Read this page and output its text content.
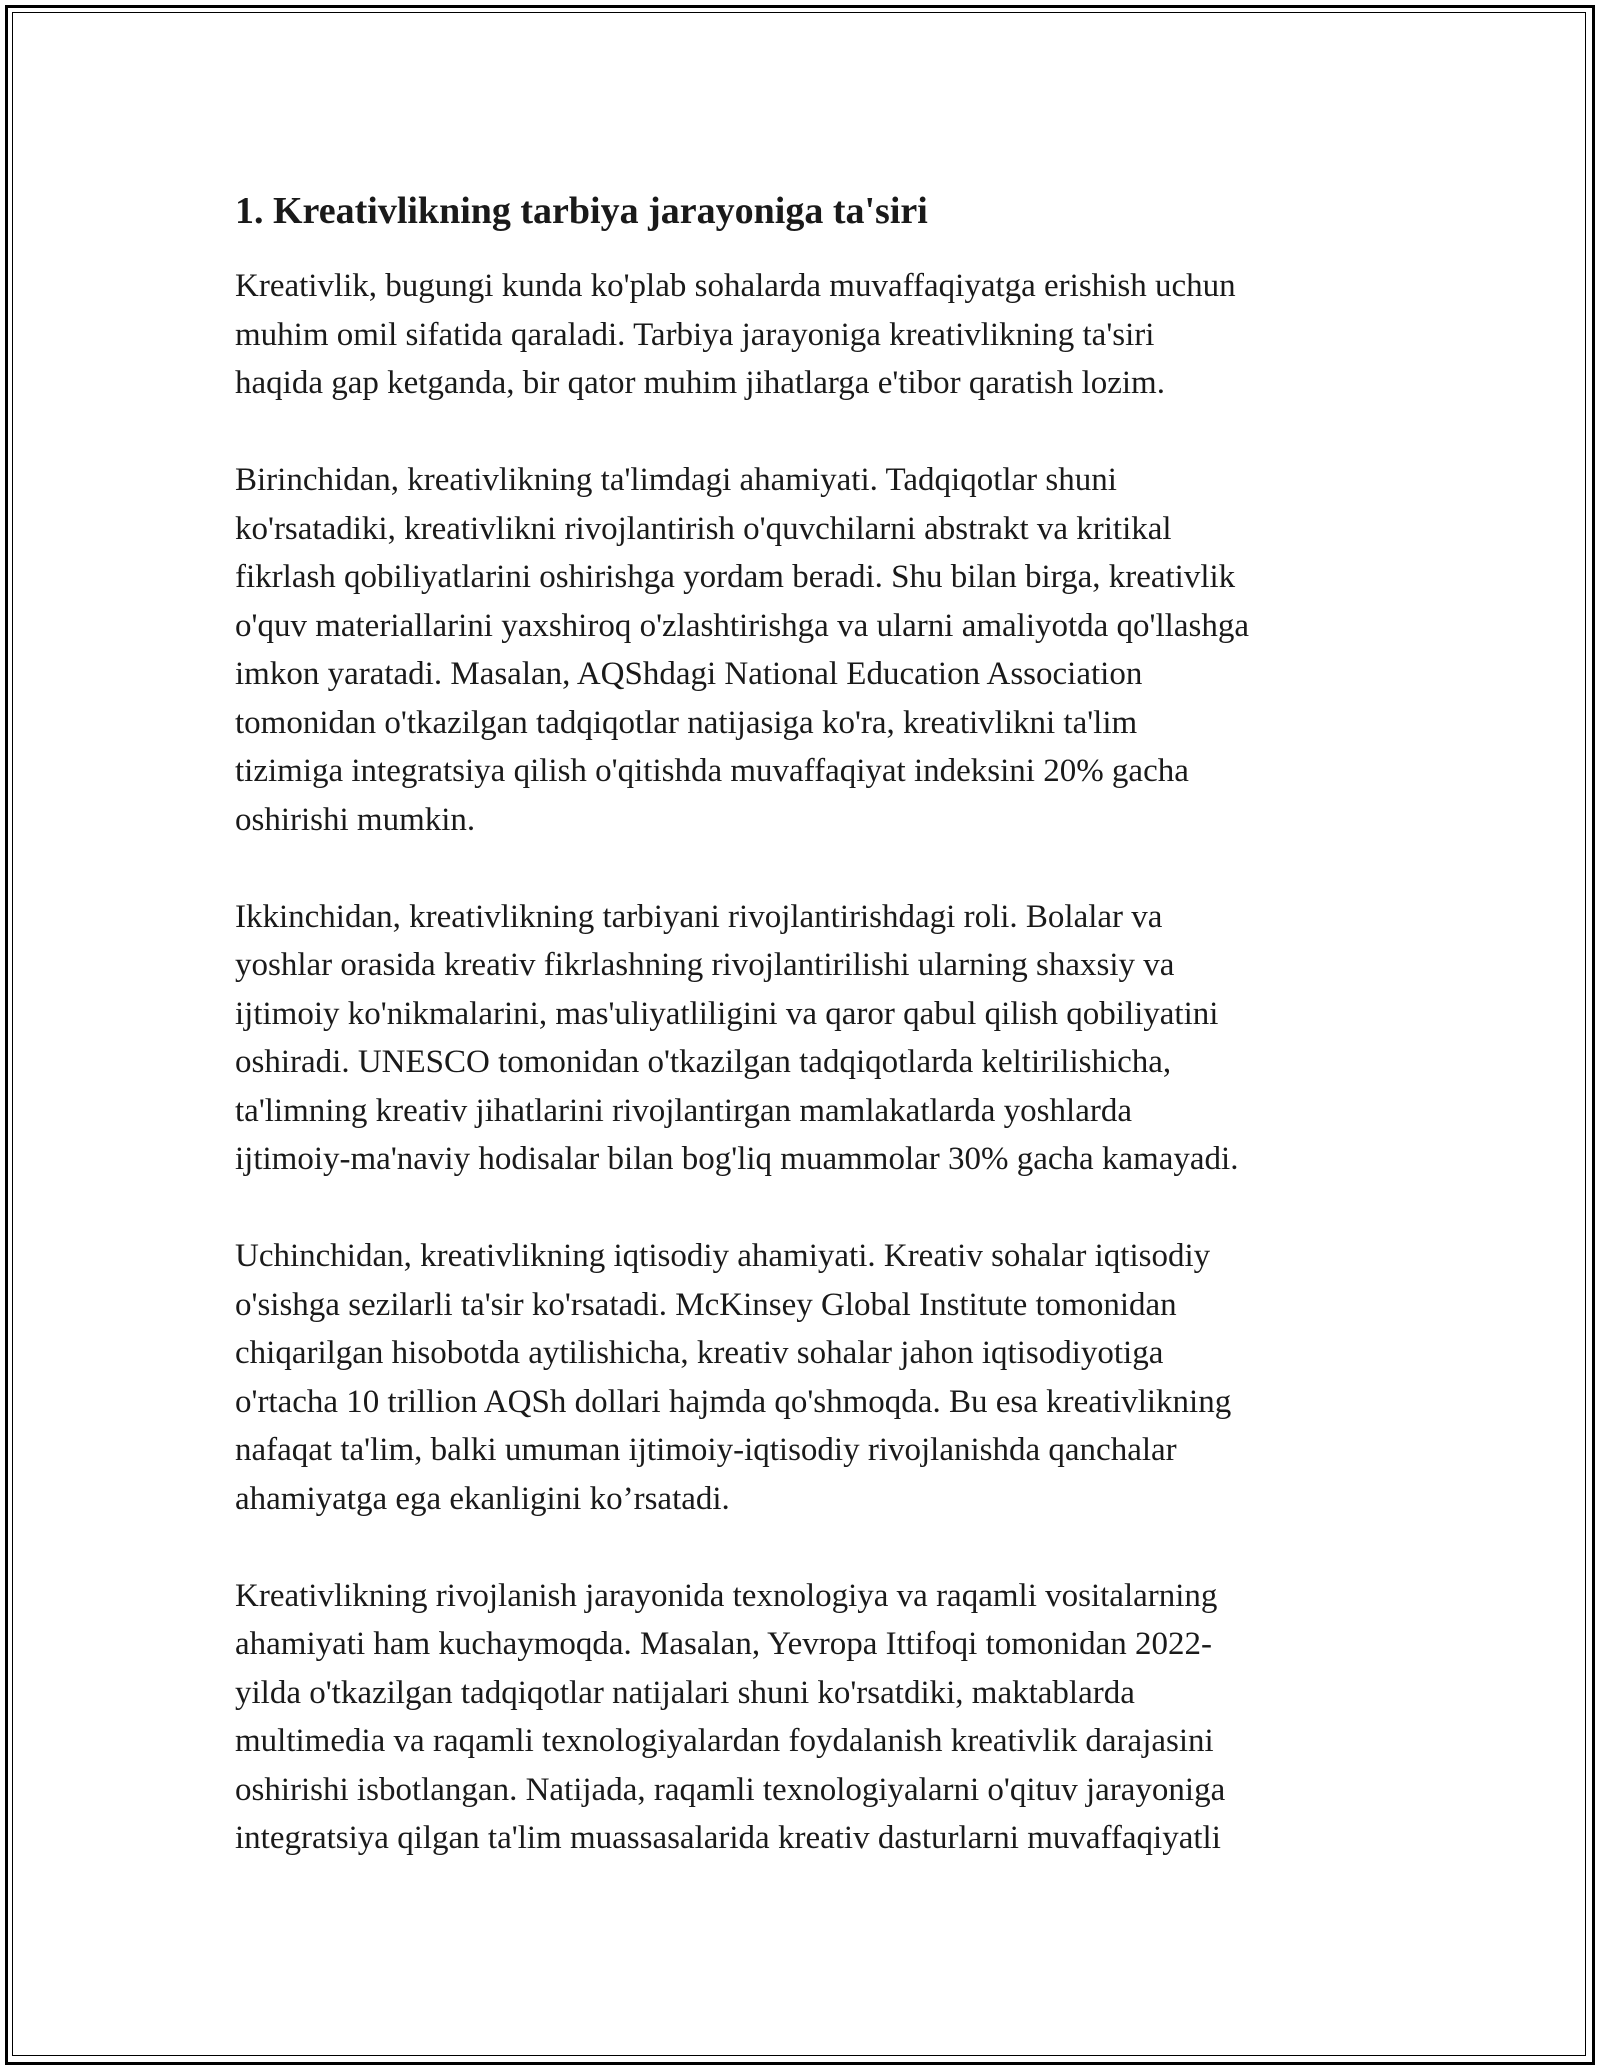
1. Kreativlikning tarbiya jarayoniga ta'siri

Kreativlik, bugungi kunda ko'plab sohalarda muvaffaqiyatga erishish uchun
muhim omil sifatida qaraladi. Tarbiya jarayoniga kreativlikning ta'siri
haqida gap ketganda, bir qator muhim jihatlarga e'tibor qaratish lozim.

Birinchidan, kreativlikning ta'limdagi ahamiyati. Tadqiqotlar shuni
ko'rsatadiki, kreativlikni rivojlantirish o'quvchilarni abstrakt va kritikal
fikrlash qobiliyatlarini oshirishga yordam beradi. Shu bilan birga, kreativlik
o'quv materiallarini yaxshiroq o'zlashtirishga va ularni amaliyotda qo'llashga
imkon yaratadi. Masalan, AQShdagi National Education Association
tomonidan o'tkazilgan tadqiqotlar natijasiga ko'ra, kreativlikni ta'lim
tizimiga integratsiya qilish o'qitishda muvaffaqiyat indeksini 20% gacha
oshirishi mumkin.

Ikkinchidan, kreativlikning tarbiyani rivojlantirishdagi roli. Bolalar va
yoshlar orasida kreativ fikrlashning rivojlantirilishi ularning shaxsiy va
ijtimoiy ko'nikmalarini, mas'uliyatliligini va qaror qabul qilish qobiliyatini
oshiradi. UNESCO tomonidan o'tkazilgan tadqiqotlarda keltirilishicha,
ta'limning kreativ jihatlarini rivojlantirgan mamlakatlarda yoshlarda
ijtimoiy-ma'naviy hodisalar bilan bog'liq muammolar 30% gacha kamayadi.

Uchinchidan, kreativlikning iqtisodiy ahamiyati. Kreativ sohalar iqtisodiy
o'sishga sezilarli ta'sir ko'rsatadi. McKinsey Global Institute tomonidan
chiqarilgan hisobotda aytilishicha, kreativ sohalar jahon iqtisodiyotiga
o'rtacha 10 trillion AQSh dollari hajmda qo'shmoqda. Bu esa kreativlikning
nafaqat ta'lim, balki umuman ijtimoiy-iqtisodiy rivojlanishda qanchalar
ahamiyatga ega ekanligini ko’rsatadi.

Kreativlikning rivojlanish jarayonida texnologiya va raqamli vositalarning
ahamiyati ham kuchaymoqda. Masalan, Yevropa Ittifoqi tomonidan 2022-
yilda o'tkazilgan tadqiqotlar natijalari shuni ko'rsatdiki, maktablarda
multimedia va raqamli texnologiyalardan foydalanish kreativlik darajasini
oshirishi isbotlangan. Natijada, raqamli texnologiyalarni o'qituv jarayoniga
integratsiya qilgan ta'lim muassasalarida kreativ dasturlarni muvaffaqiyatli
